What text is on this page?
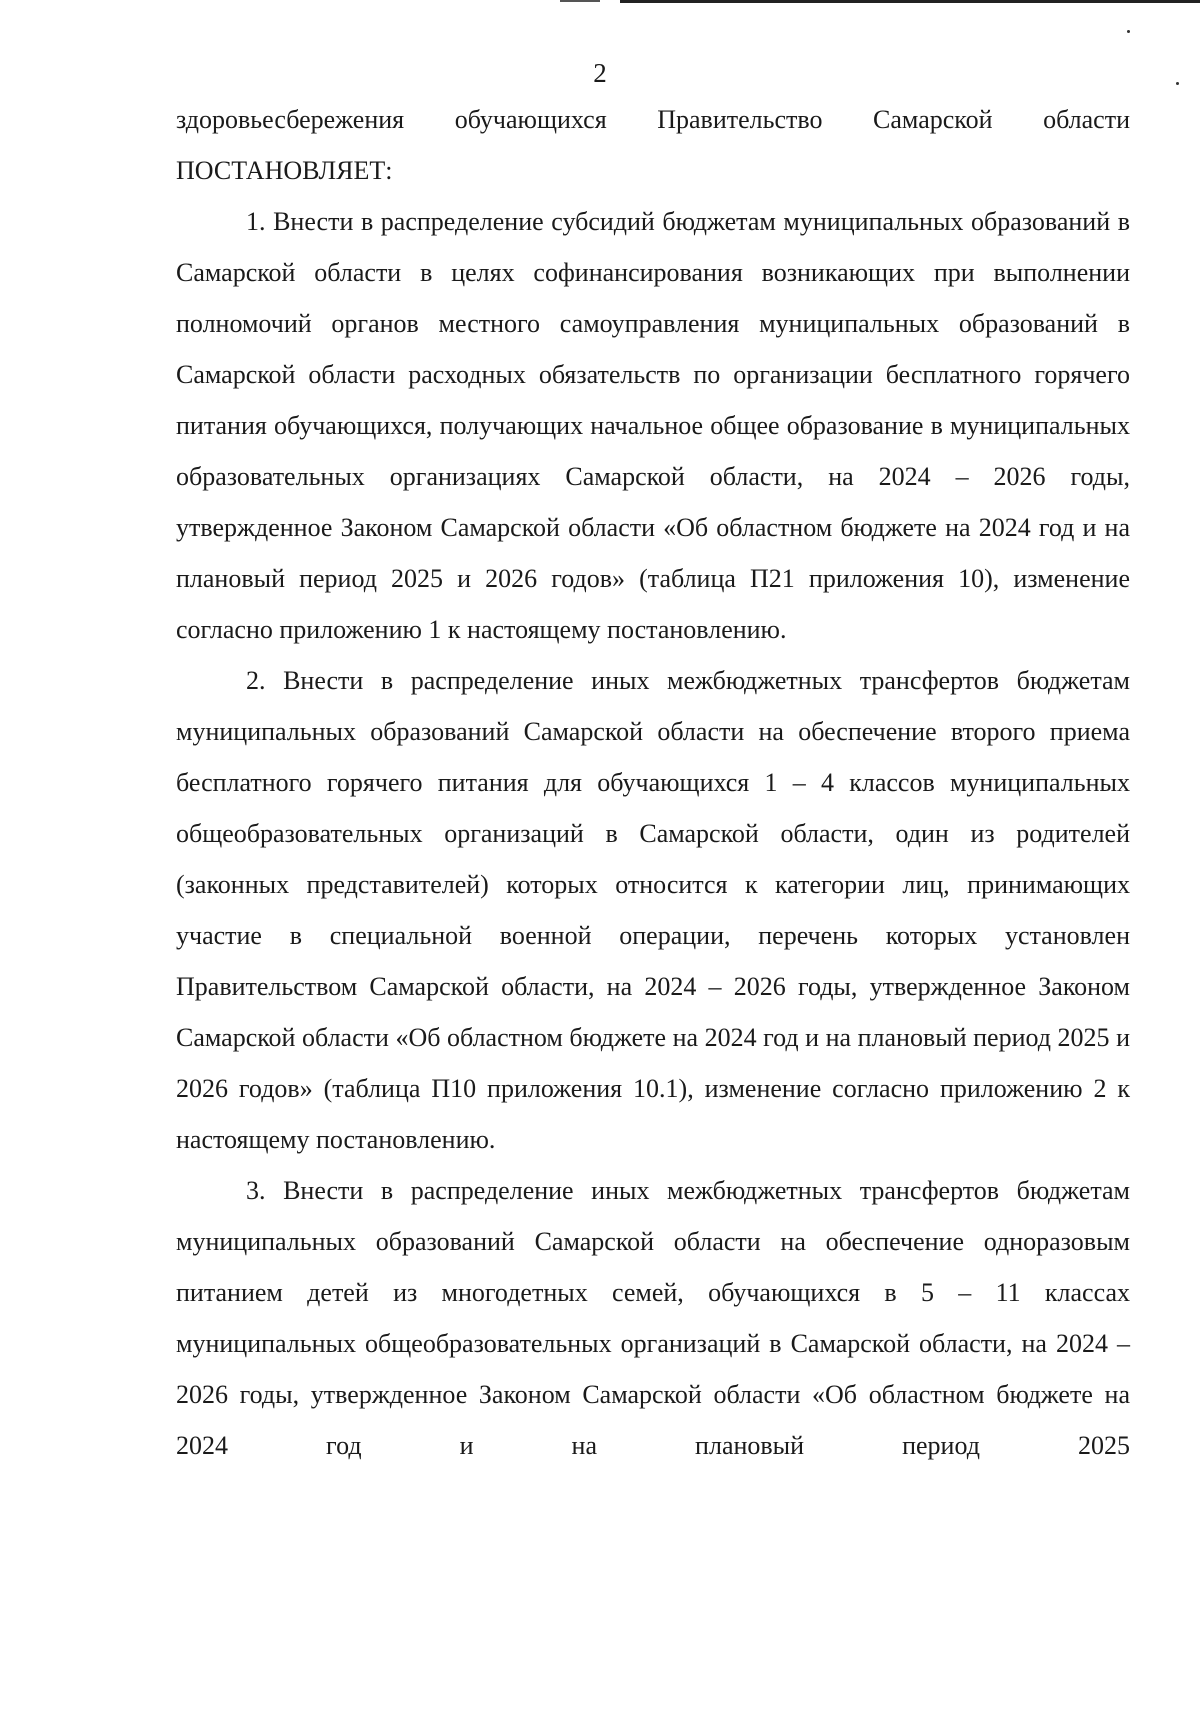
2

здоровьесбережения обучающихся Правительство Самарской области ПОСТАНОВЛЯЕТ:

1. Внести в распределение субсидий бюджетам муниципальных образований в Самарской области в целях софинансирования возникающих при выполнении полномочий органов местного самоуправления муниципальных образований в Самарской области расходных обязательств по организации бесплатного горячего питания обучающихся, получающих начальное общее образование в муниципальных образовательных организациях Самарской области, на 2024 – 2026 годы, утвержденное Законом Самарской области «Об областном бюджете на 2024 год и на плановый период 2025 и 2026 годов» (таблица П21 приложения 10), изменение согласно приложению 1 к настоящему постановлению.

2. Внести в распределение иных межбюджетных трансфертов бюджетам муниципальных образований Самарской области на обеспечение второго приема бесплатного горячего питания для обучающихся 1 – 4 классов муниципальных общеобразовательных организаций в Самарской области, один из родителей (законных представителей) которых относится к категории лиц, принимающих участие в специальной военной операции, перечень которых установлен Правительством Самарской области, на 2024 – 2026 годы, утвержденное Законом Самарской области «Об областном бюджете на 2024 год и на плановый период 2025 и 2026 годов» (таблица П10 приложения 10.1), изменение согласно приложению 2 к настоящему постановлению.

3. Внести в распределение иных межбюджетных трансфертов бюджетам муниципальных образований Самарской области на обеспечение одноразовым питанием детей из многодетных семей, обучающихся в 5 – 11 классах муниципальных общеобразовательных организаций в Самарской области, на 2024 – 2026 годы, утвержденное Законом Самарской области «Об областном бюджете на 2024 год и на плановый период 2025
